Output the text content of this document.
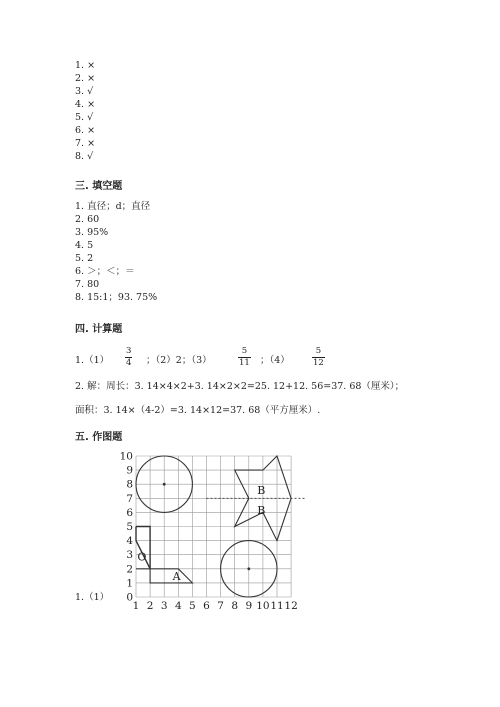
1. ×
2. ×
3. √
4. ×
5. √
6. ×
7. ×
8. √
三. 填空题
1. 直径；d；直径
2. 60
3. 95%
4. 5
5. 2
6. ＞；＜；＝
7. 80
8. 15:1；93. 75%
四. 计算题
$1.(1) \frac{3}{4}$ ；（2）2；（3）	$\frac{5}{11}$ ；（4）	$\frac{5}{12}$
2. 解：周长：3. 14×4×2+3. 14×2×2=25. 12+12. 56=37. 68（厘米）；
面积：3. 14×（4-2）=3. 14×12=37. 68（平方厘米）.
五. 作图题
1.（1） 0
1
2
3
4
5
6
7
8
9
10
1 2 3 4 5 6 7 8 9 10 11 12
O
A
B
B
